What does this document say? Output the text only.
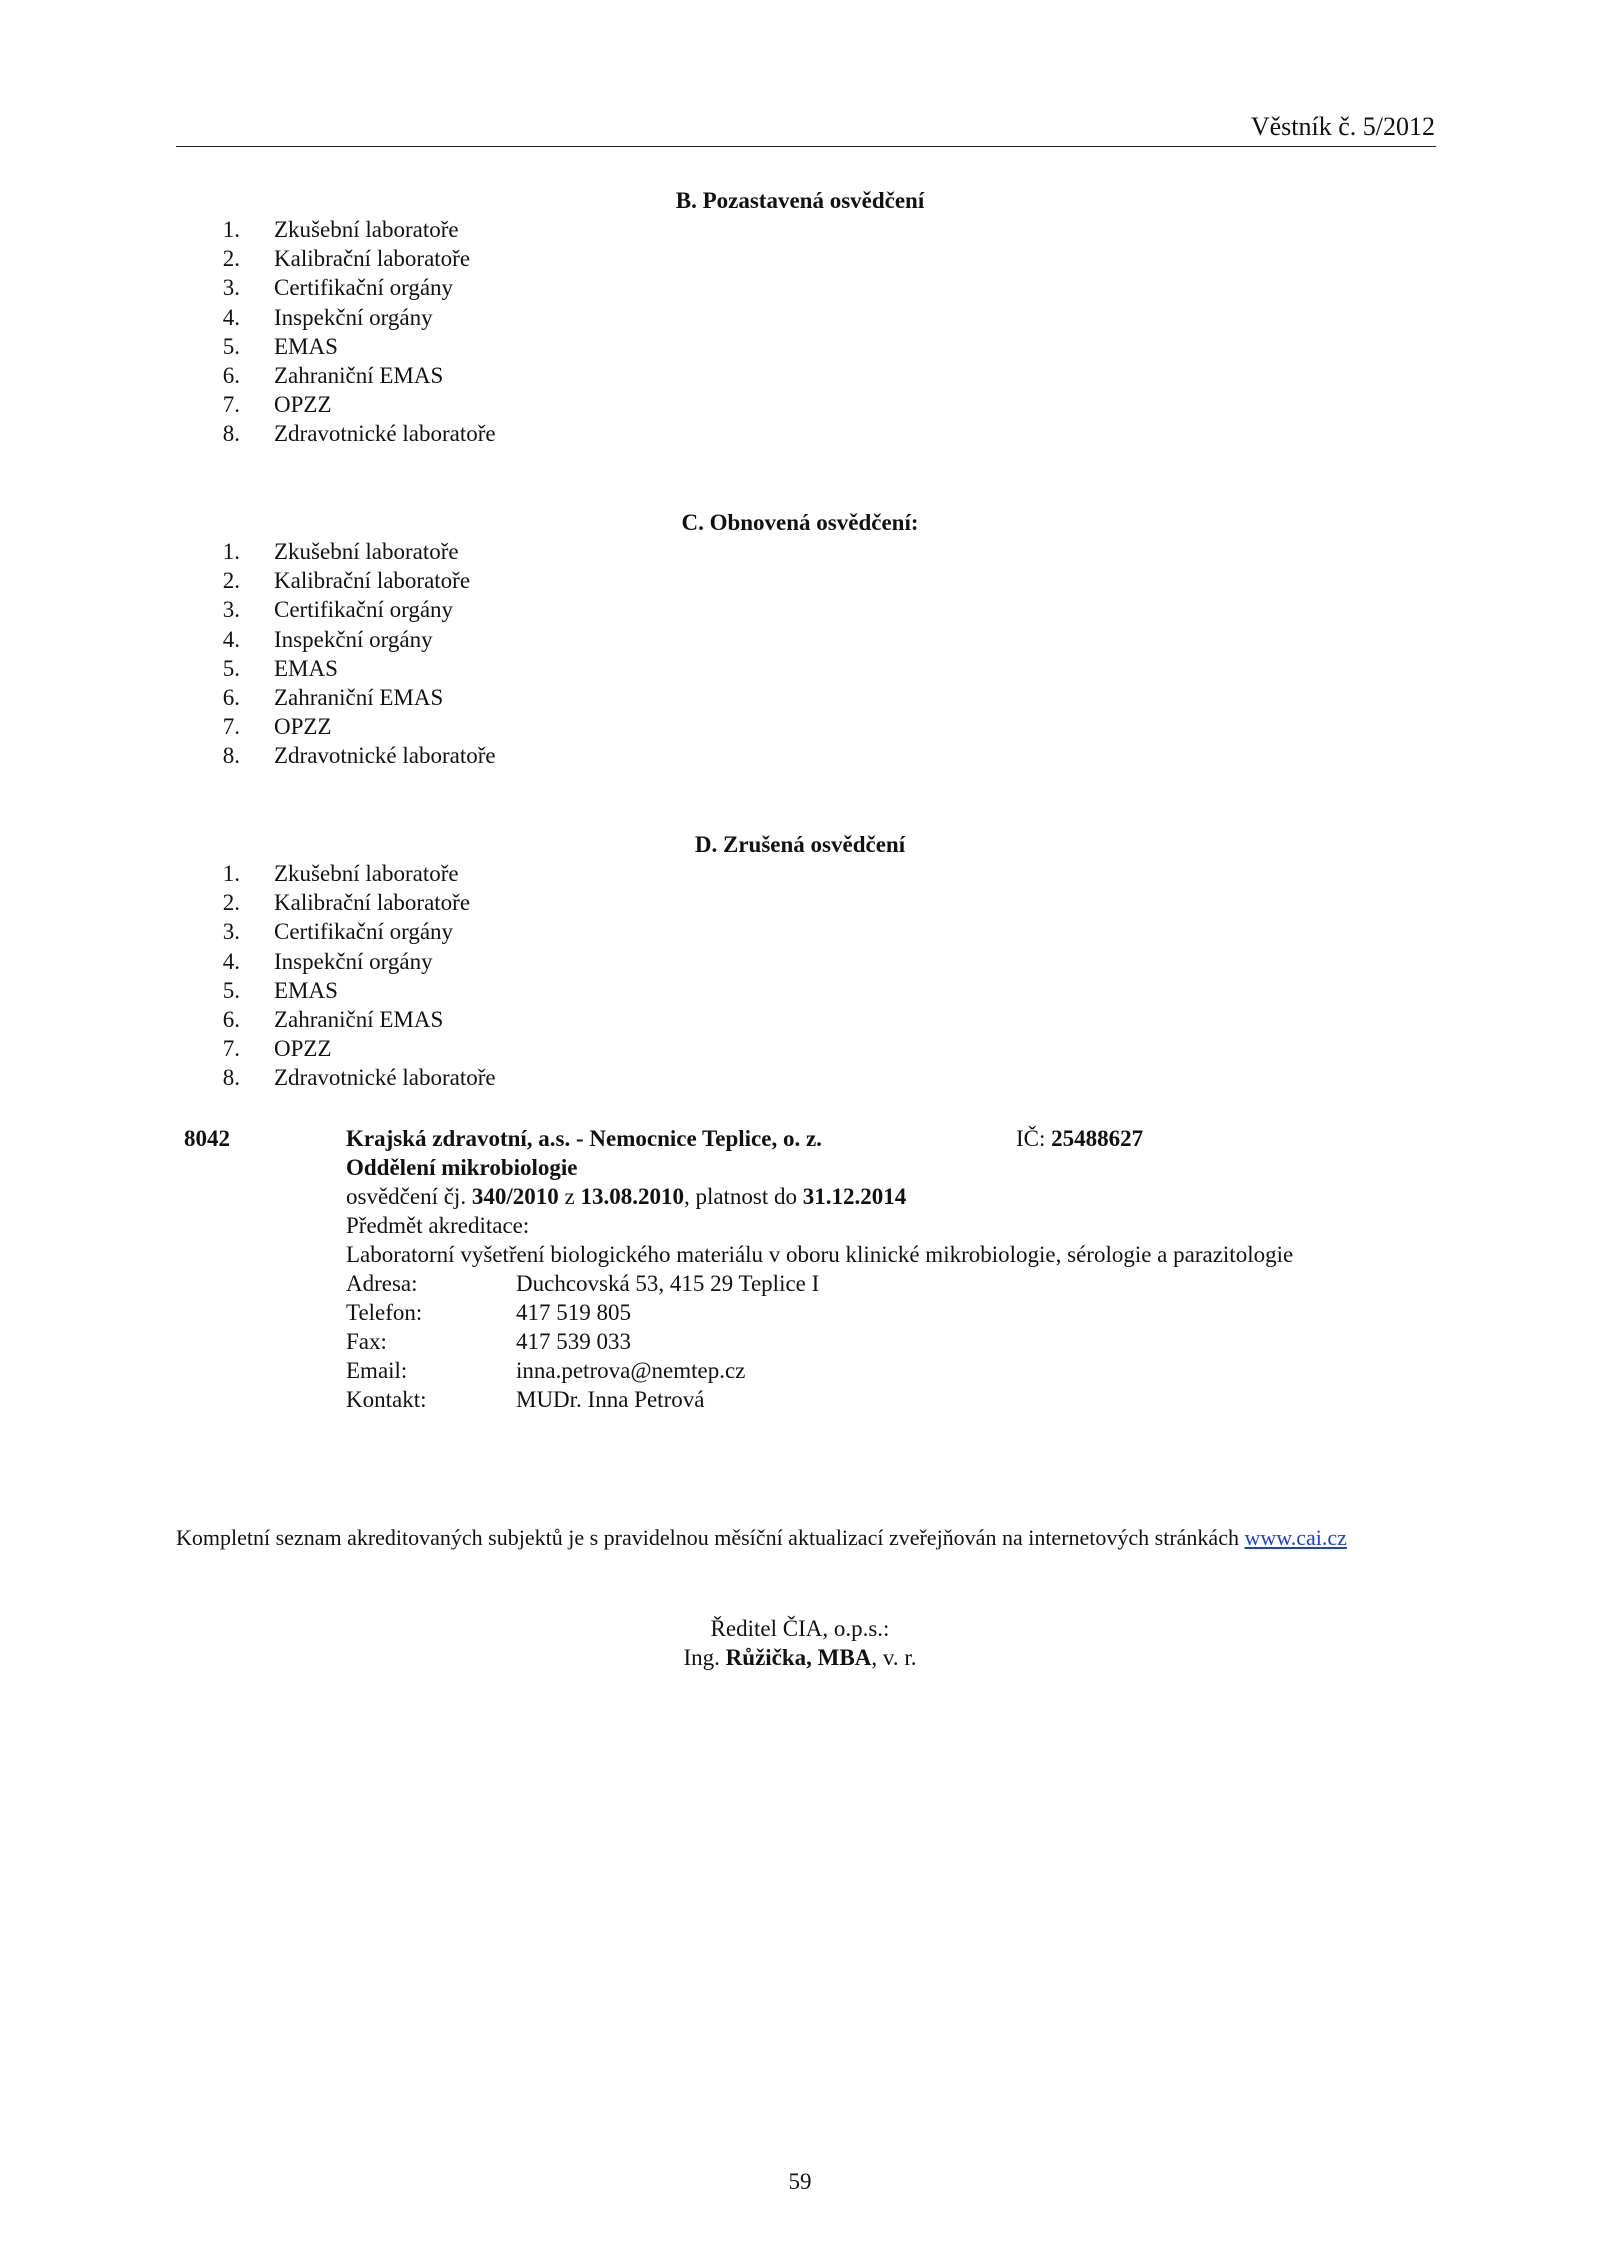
Věstník č. 5/2012
B. Pozastavená osvědčení
1. Zkušební laboratoře
2. Kalibrační laboratoře
3. Certifikační orgány
4. Inspekční orgány
5. EMAS
6. Zahraniční EMAS
7. OPZZ
8. Zdravotnické laboratoře
C. Obnovená osvědčení:
1. Zkušební laboratoře
2. Kalibrační laboratoře
3. Certifikační orgány
4. Inspekční orgány
5. EMAS
6. Zahraniční EMAS
7. OPZZ
8. Zdravotnické laboratoře
D. Zrušená osvědčení
1. Zkušební laboratoře
2. Kalibrační laboratoře
3. Certifikační orgány
4. Inspekční orgány
5. EMAS
6. Zahraniční EMAS
7. OPZZ
8. Zdravotnické laboratoře
8042	Krajská zdravotní, a.s. - Nemocnice Teplice, o. z.	IČ: 25488627
Oddělení mikrobiologie
osvědčení čj. 340/2010 z 13.08.2010, platnost do 31.12.2014
Předmět akreditace:
Laboratorní vyšetření biologického materiálu v oboru klinické mikrobiologie, sérologie a parazitologie
Adresa:	Duchcovská 53, 415 29 Teplice I
Telefon:	417 519 805
Fax:	417 539 033
Email:	inna.petrova@nemtep.cz
Kontakt:	MUDr. Inna Petrová
Kompletní seznam akreditovaných subjektů je s pravidelnou měsíční aktualizací zveřejňován na internetových stránkách www.cai.cz
Ředitel ČIA, o.p.s.:
Ing. Růžička, MBA, v. r.
59
